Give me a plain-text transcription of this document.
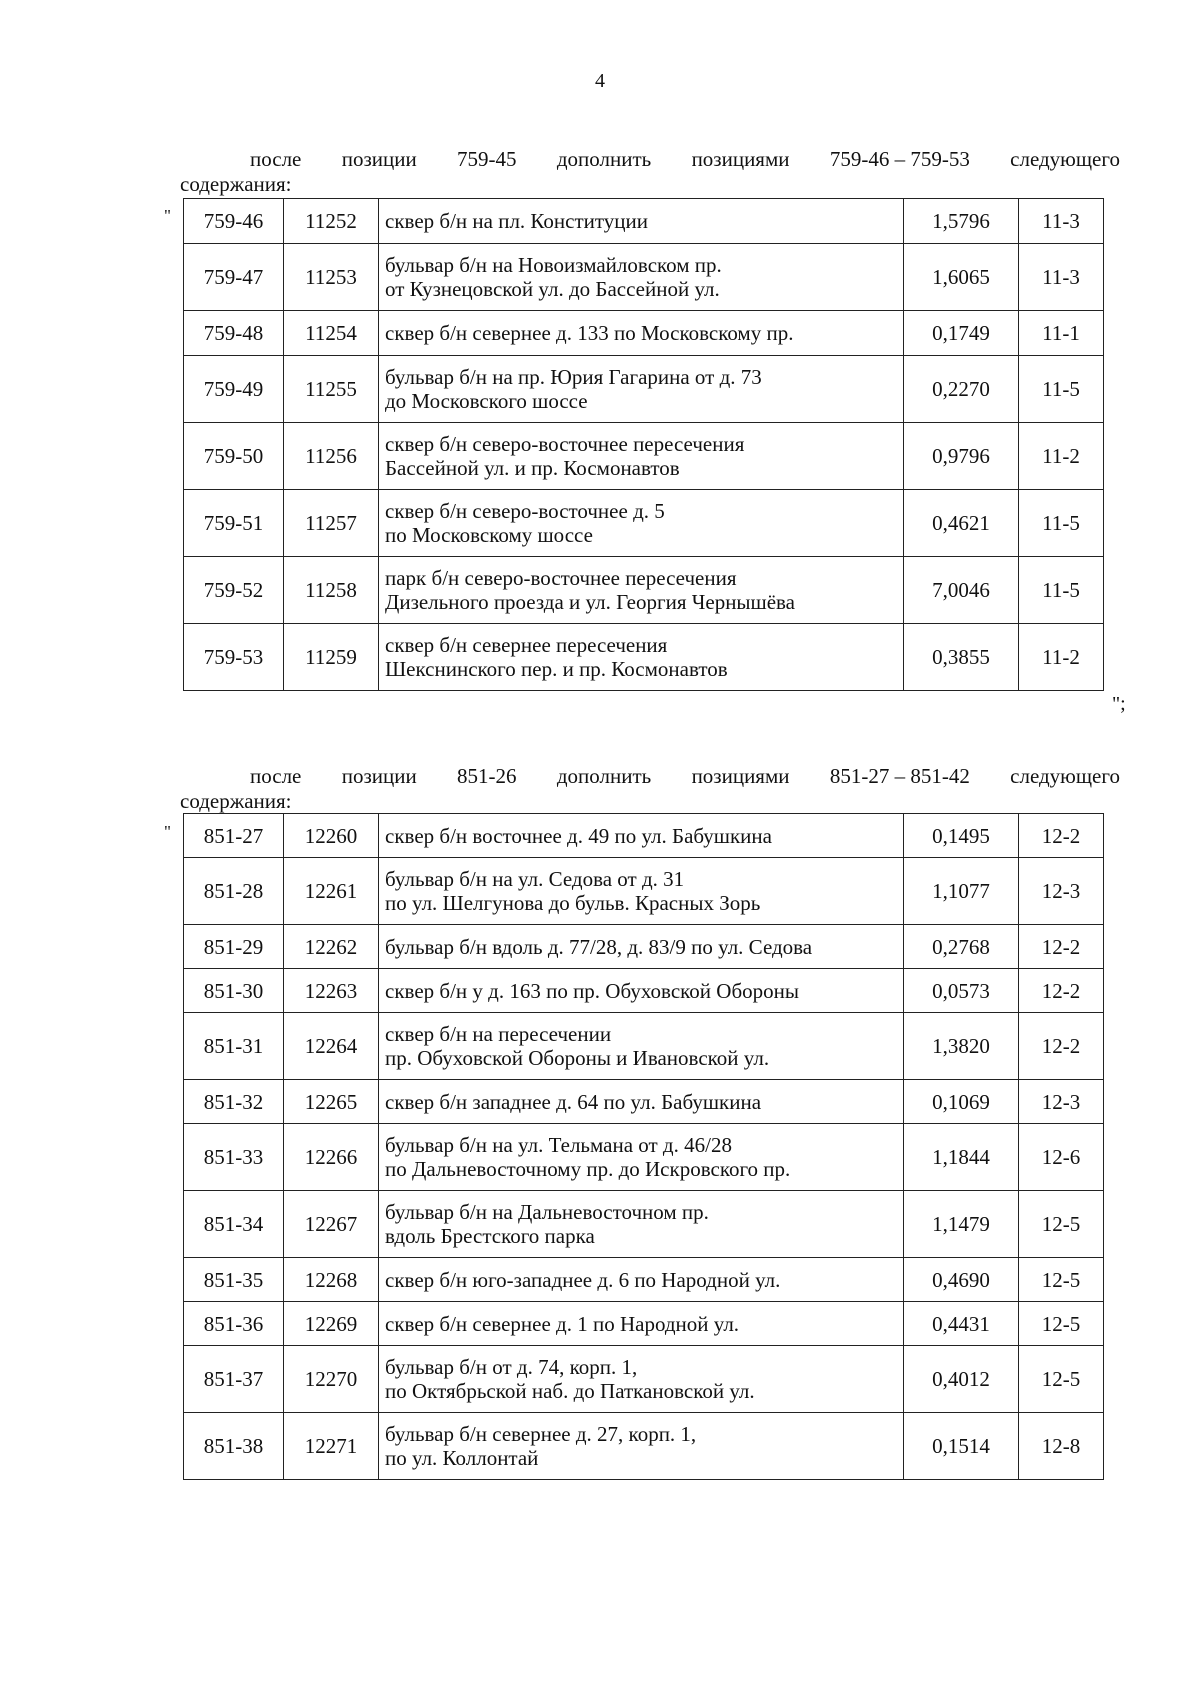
4
после позиции 759-45 дополнить позициями 759-46 – 759-53 следующего
содержания:
" 759-46	11252	сквер б/н на пл. Конституции	1,5796	11-3
759-47	11253	бульвар б/н на Новоизмайловском пр.
от Кузнецовской ул. до Бассейной ул.	1,6065	11-3
759-48	11254	сквер б/н севернее д. 133 по Московскому пр.	0,1749	11-1
759-49	11255	бульвар б/н на пр. Юрия Гагарина от д. 73
до Московского шоссе	0,2270	11-5
759-50	11256	сквер б/н северо-восточнее пересечения
Бассейной ул. и пр. Космонавтов	0,9796	11-2
759-51	11257	сквер б/н северо-восточнее д. 5
по Московскому шоссе	0,4621	11-5
759-52	11258	парк б/н северо-восточнее пересечения
Дизельного проезда и ул. Георгия Чернышёва	7,0046	11-5
759-53	11259	сквер б/н севернее пересечения
Шекснинского пер. и пр. Космонавтов	0,3855	11-2
";
после позиции 851-26 дополнить позициями 851-27 – 851-42 следующего
содержания:
" 851-27	12260	сквер б/н восточнее д. 49 по ул. Бабушкина	0,1495	12-2
851-28	12261	бульвар б/н на ул. Седова от д. 31
по ул. Шелгунова до бульв. Красных Зорь	1,1077	12-3
851-29	12262	бульвар б/н вдоль д. 77/28, д. 83/9 по ул. Седова	0,2768	12-2
851-30	12263	сквер б/н у д. 163 по пр. Обуховской Обороны	0,0573	12-2
851-31	12264	сквер б/н на пересечении
пр. Обуховской Обороны и Ивановской ул.	1,3820	12-2
851-32	12265	сквер б/н западнее д. 64 по ул. Бабушкина	0,1069	12-3
851-33	12266	бульвар б/н на ул. Тельмана от д. 46/28
по Дальневосточному пр. до Искровского пр.	1,1844	12-6
851-34	12267	бульвар б/н на Дальневосточном пр.
вдоль Брестского парка	1,1479	12-5
851-35	12268	сквер б/н юго-западнее д. 6 по Народной ул.	0,4690	12-5
851-36	12269	сквер б/н севернее д. 1 по Народной ул.	0,4431	12-5
851-37	12270	бульвар б/н от д. 74, корп. 1,
по Октябрьской наб. до Паткановской ул.	0,4012	12-5
851-38	12271	бульвар б/н севернее д. 27, корп. 1,
по ул. Коллонтай	0,1514	12-8
